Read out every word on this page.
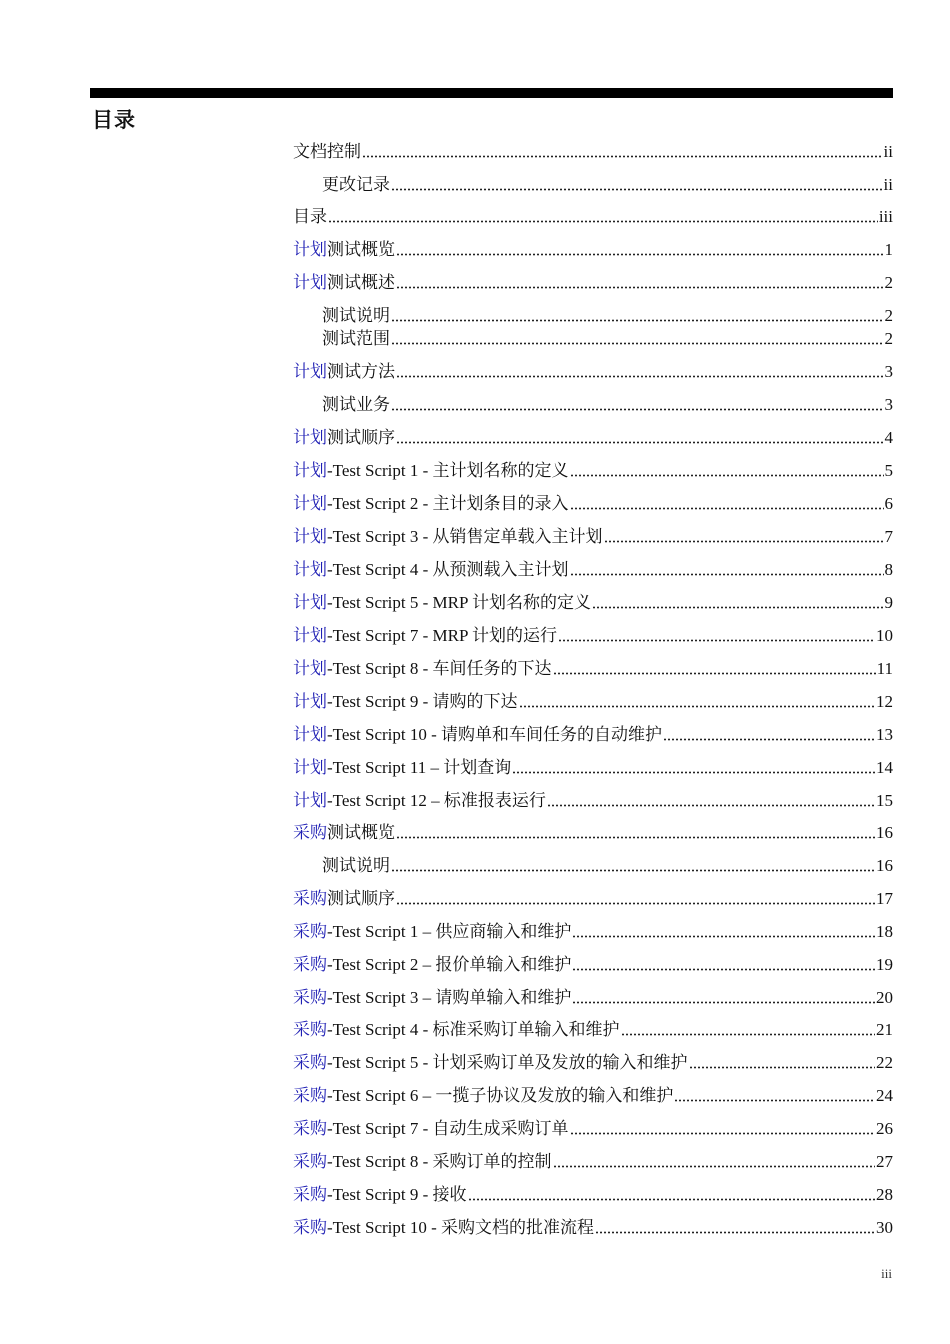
目录
文档控制	ii
更改记录	ii
目录	iii
计划测试概览	1
计划测试概述	2
测试说明	2
测试范围	2
计划测试方法	3
测试业务	3
计划测试顺序	4
计划-Test Script 1 - 主计划名称的定义	5
计划-Test Script 2 - 主计划条目的录入	6
计划-Test Script 3 - 从销售定单载入主计划	7
计划-Test Script 4 - 从预测载入主计划	8
计划-Test Script 5 - MRP 计划名称的定义	9
计划-Test Script 7 - MRP 计划的运行	10
计划-Test Script 8 - 车间任务的下达	11
计划-Test Script 9 - 请购的下达	12
计划-Test Script 10 - 请购单和车间任务的自动维护	13
计划-Test Script 11 – 计划查询	14
计划-Test Script 12 – 标准报表运行	15
采购测试概览	16
测试说明	16
采购测试顺序	17
采购-Test Script 1 – 供应商输入和维护	18
采购-Test Script 2 – 报价单输入和维护	19
采购-Test Script 3 – 请购单输入和维护	20
采购-Test Script 4 - 标准采购订单输入和维护	21
采购-Test Script 5 - 计划采购订单及发放的输入和维护	22
采购-Test Script 6 – 一揽子协议及发放的输入和维护	24
采购-Test Script 7 - 自动生成采购订单	26
采购-Test Script 8 - 采购订单的控制	27
采购-Test Script 9 - 接收	28
采购-Test Script 10 - 采购文档的批准流程	30
iii
